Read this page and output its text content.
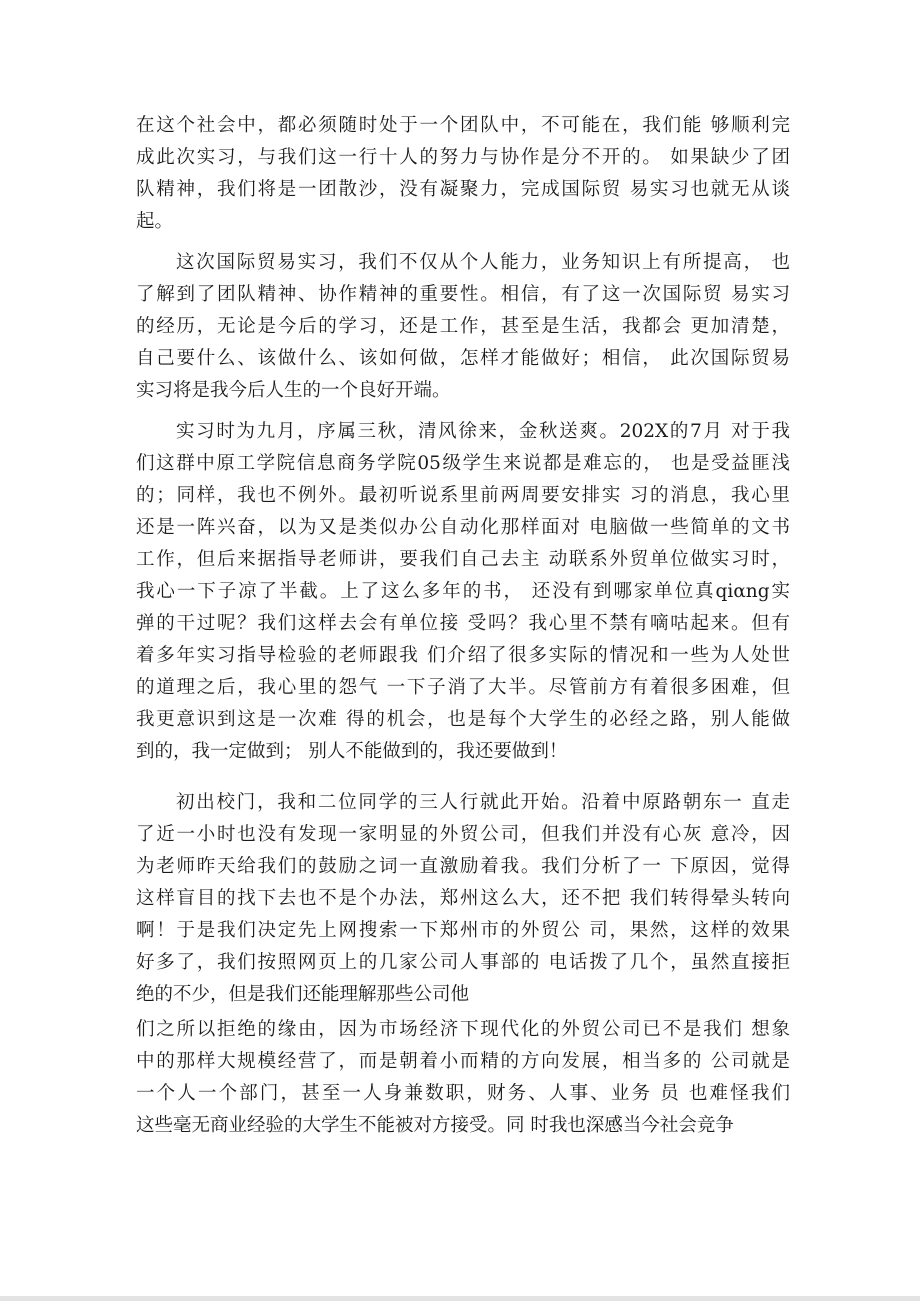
在这个社会中，都必须随时处于一个团队中，不可能在，我们能 够顺利完
成此次实习，与我们这一行十人的努力与协作是分不开的。 如果缺少了团
队精神，我们将是一团散沙，没有凝聚力，完成国际贸 易实习也就无从谈
起。
这次国际贸易实习，我们不仅从个人能力，业务知识上有所提高， 也
了解到了团队精神、协作精神的重要性。相信，有了这一次国际贸 易实习
的经历，无论是今后的学习，还是工作，甚至是生活，我都会 更加清楚，
自己要什么、该做什么、该如何做，怎样才能做好；相信， 此次国际贸易
实习将是我今后人生的一个良好开端。
实习时为九月，序属三秋，清风徐来，金秋送爽。202X的7月 对于我
们这群中原工学院信息商务学院05级学生来说都是难忘的， 也是受益匪浅
的；同样，我也不例外。最初听说系里前两周要安排实 习的消息，我心里
还是一阵兴奋，以为又是类似办公自动化那样面对 电脑做一些简单的文书
工作，但后来据指导老师讲，要我们自己去主 动联系外贸单位做实习时，
我心一下子凉了半截。上了这么多年的书， 还没有到哪家单位真qiαng实
弹的干过呢？我们这样去会有单位接 受吗？我心里不禁有嘀咕起来。但有
着多年实习指导检验的老师跟我 们介绍了很多实际的情况和一些为人处世
的道理之后，我心里的怨气 一下子消了大半。尽管前方有着很多困难，但
我更意识到这是一次难 得的机会，也是每个大学生的必经之路，别人能做
到的，我一定做到； 别人不能做到的，我还要做到！
初出校门，我和二位同学的三人行就此开始。沿着中原路朝东一 直走
了近一小时也没有发现一家明显的外贸公司，但我们并没有心灰 意冷，因
为老师昨天给我们的鼓励之词一直激励着我。我们分析了一 下原因，觉得
这样盲目的找下去也不是个办法，郑州这么大，还不把 我们转得晕头转向
啊！于是我们决定先上网搜索一下郑州市的外贸公 司，果然，这样的效果
好多了，我们按照网页上的几家公司人事部的 电话拨了几个，虽然直接拒
绝的不少，但是我们还能理解那些公司他
们之所以拒绝的缘由，因为市场经济下现代化的外贸公司已不是我们 想象
中的那样大规模经营了，而是朝着小而精的方向发展，相当多的 公司就是
一个人一个部门，甚至一人身兼数职，财务、人事、业务 员 也难怪我们
这些毫无商业经验的大学生不能被对方接受。同 时我也深感当今社会竞争
